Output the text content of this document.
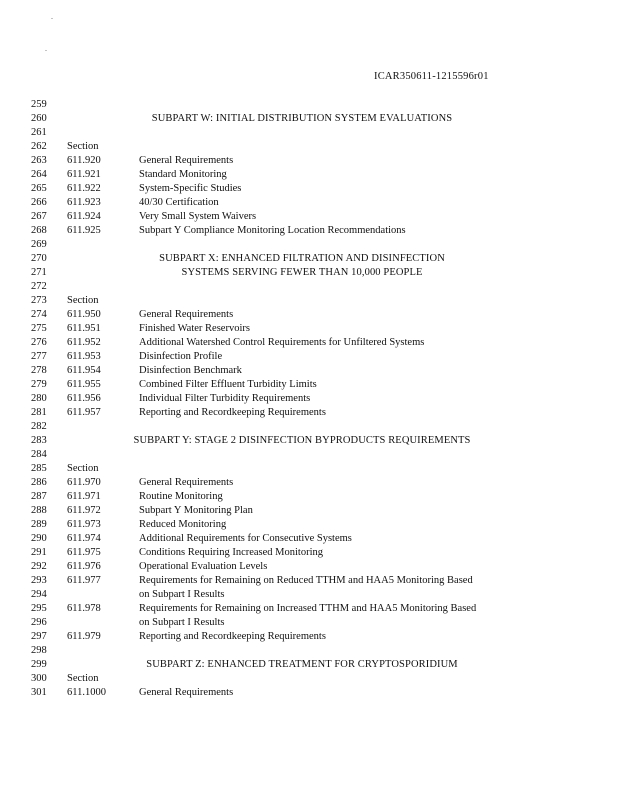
.
.
ICAR350611-1215596r01
259
260	SUBPART W: INITIAL DISTRIBUTION SYSTEM EVALUATIONS
261
262	Section
263	611.920	General Requirements
264	611.921	Standard Monitoring
265	611.922	System-Specific Studies
266	611.923	40/30 Certification
267	611.924	Very Small System Waivers
268	611.925	Subpart Y Compliance Monitoring Location Recommendations
269
270	SUBPART X: ENHANCED FILTRATION AND DISINFECTION
271	SYSTEMS SERVING FEWER THAN 10,000 PEOPLE
272
273	Section
274	611.950	General Requirements
275	611.951	Finished Water Reservoirs
276	611.952	Additional Watershed Control Requirements for Unfiltered Systems
277	611.953	Disinfection Profile
278	611.954	Disinfection Benchmark
279	611.955	Combined Filter Effluent Turbidity Limits
280	611.956	Individual Filter Turbidity Requirements
281	611.957	Reporting and Recordkeeping Requirements
282
283	SUBPART Y: STAGE 2 DISINFECTION BYPRODUCTS REQUIREMENTS
284
285	Section
286	611.970	General Requirements
287	611.971	Routine Monitoring
288	611.972	Subpart Y Monitoring Plan
289	611.973	Reduced Monitoring
290	611.974	Additional Requirements for Consecutive Systems
291	611.975	Conditions Requiring Increased Monitoring
292	611.976	Operational Evaluation Levels
293	611.977	Requirements for Remaining on Reduced TTHM and HAA5 Monitoring Based
294	on Subpart I Results
295	611.978	Requirements for Remaining on Increased TTHM and HAA5 Monitoring Based
296	on Subpart I Results
297	611.979	Reporting and Recordkeeping Requirements
298
299	SUBPART Z: ENHANCED TREATMENT FOR CRYPTOSPORIDIUM
300	Section
301	611.1000	General Requirements
